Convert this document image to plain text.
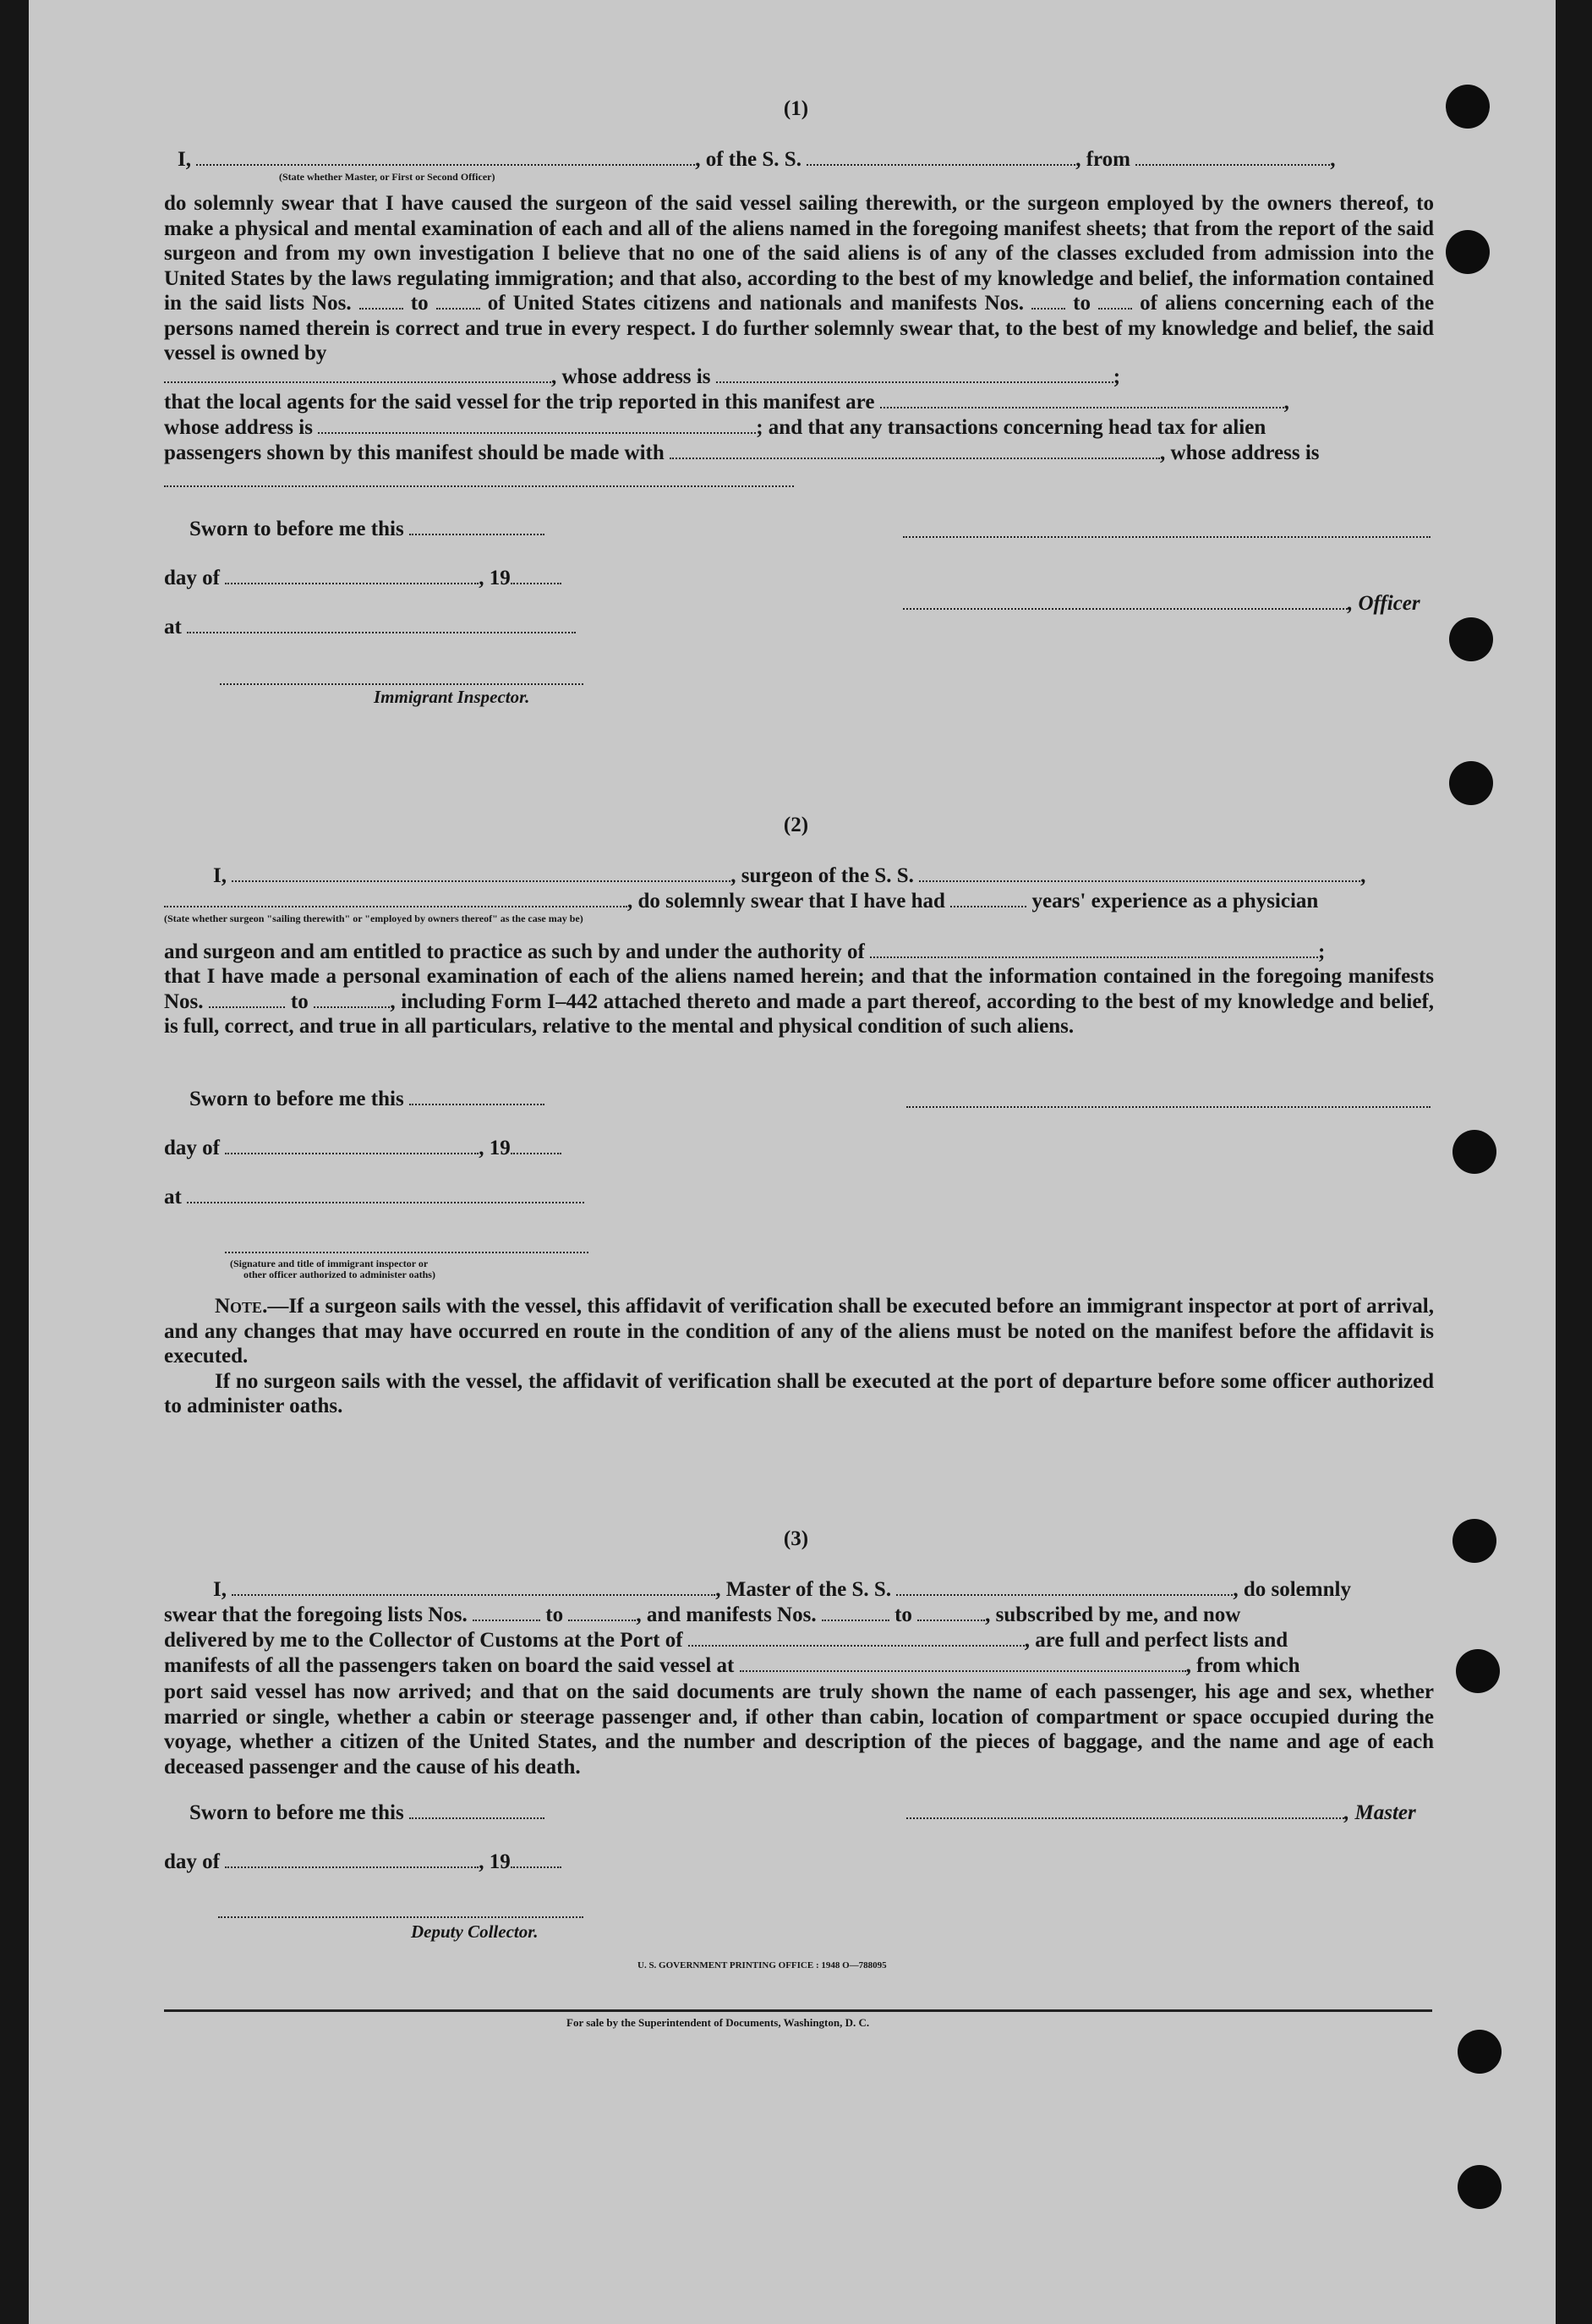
(1)
I,	, of the S. S.	, from	,
(State whether Master, or First or Second Officer)
do solemnly swear that I have caused the surgeon of the said vessel sailing therewith, or the surgeon employed by the owners thereof, to make a physical and mental examination of each and all of the aliens named in the foregoing manifest sheets; that from the report of the said surgeon and from my own investigation I believe that no one of the said aliens is of any of the classes excluded from admission into the United States by the laws regulating immigration; and that also, according to the best of my knowledge and belief, the information contained in the said lists Nos.	to	of United States citizens and nationals and manifests Nos. to of aliens concerning each of the persons named therein is correct and true in every respect. I do further solemnly swear that, to the best of my knowledge and belief, the said vessel is owned by
, whose address is	;
that the local agents for the said vessel for the trip reported in this manifest are	,
whose address is	; and that any transactions concerning head tax for alien
passengers shown by this manifest should be made with	, whose address is
Sworn to before me this
day of	, 19
, Officer
at
Immigrant Inspector.
(2)
I,	, surgeon of the S. S.	,
, do solemnly swear that I have had	years' experience as a physician
(State whether surgeon "sailing therewith" or "employed by owners thereof" as the case may be)
and surgeon and am entitled to practice as such by and under the authority of	;
that I have made a personal examination of each of the aliens named herein; and that the information contained in the foregoing manifests Nos.	to	, including Form I–442 attached thereto and made a part thereof, according to the best of my knowledge and belief, is full, correct, and true in all particulars, relative to the mental and physical condition of such aliens.
Sworn to before me this
day of	, 19
at
(Signature and title of immigrant inspector or
other officer authorized to administer oaths)

Note.—If a surgeon sails with the vessel, this affidavit of verification shall be executed before an immigrant inspector at port of arrival, and any changes that may have occurred en route in the condition of any of the aliens must be noted on the manifest before the affidavit is executed.

If no surgeon sails with the vessel, the affidavit of verification shall be executed at the port of departure before some officer authorized to administer oaths.

(3)
I,	, Master of the S. S.	, do solemnly
swear that the foregoing lists Nos.	to	, and manifests Nos.	to	, subscribed by me, and now
delivered by me to the Collector of Customs at the Port of	, are full and perfect lists and
manifests of all the passengers taken on board the said vessel at	, from which
port said vessel has now arrived; and that on the said documents are truly shown the name of each passenger, his age and sex, whether married or single, whether a cabin or steerage passenger and, if other than cabin, location of compartment or space occupied during the voyage, whether a citizen of the United States, and the number and description of the pieces of baggage, and the name and age of each deceased passenger and the cause of his death.
Sworn to before me this	, Master
day of	, 19
Deputy Collector.
U. S. GOVERNMENT PRINTING OFFICE : 1948 O—788095
For sale by the Superintendent of Documents, Washington, D. C.
